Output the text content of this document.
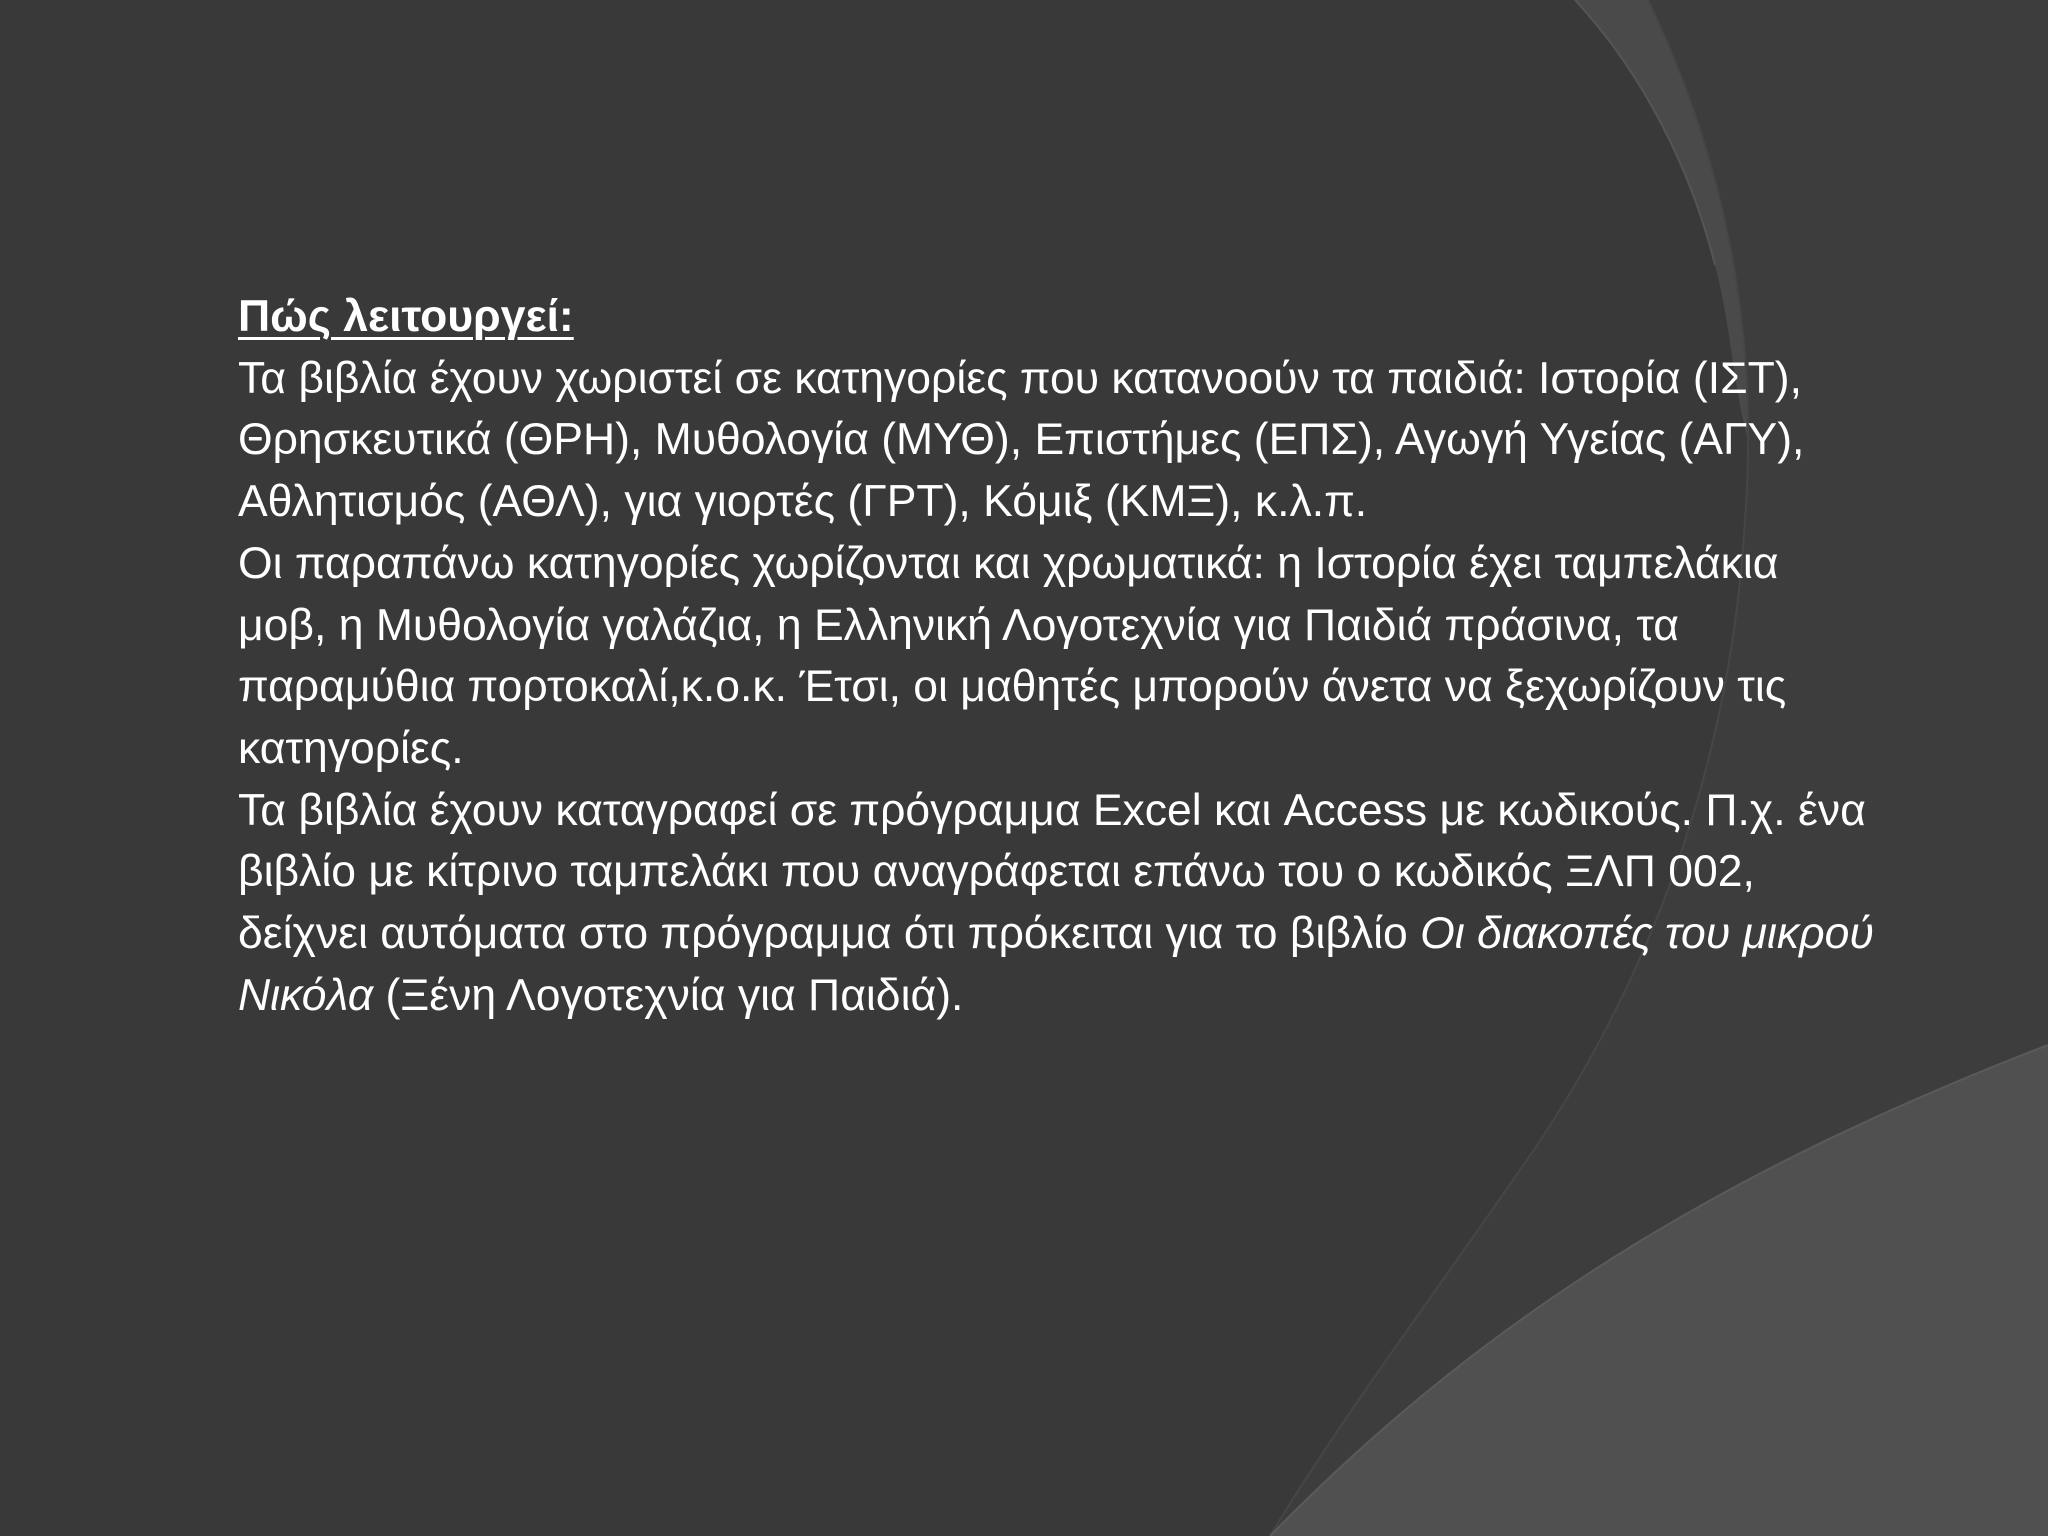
Πώς λειτουργεί:

Τα βιβλία έχουν χωριστεί σε κατηγορίες που κατανοούν τα παιδιά: Ιστορία (ΙΣΤ), Θρησκευτικά (ΘΡΗ), Μυθολογία (ΜΥΘ), Επιστήμες (ΕΠΣ), Αγωγή Υγείας (ΑΓΥ), Αθλητισμός (ΑΘΛ), για γιορτές (ΓΡΤ), Κόμιξ (ΚΜΞ), κ.λ.π.

Οι παραπάνω κατηγορίες χωρίζονται και χρωματικά: η Ιστορία έχει ταμπελάκια μοβ, η Μυθολογία γαλάζια, η Ελληνική Λογοτεχνία για Παιδιά πράσινα, τα παραμύθια πορτοκαλί,κ.ο.κ. Έτσι, οι μαθητές μπορούν άνετα να ξεχωρίζουν τις κατηγορίες.

Τα βιβλία έχουν καταγραφεί σε πρόγραμμα Excel και Access με κωδικούς. Π.χ. ένα βιβλίο με κίτρινο ταμπελάκι που αναγράφεται επάνω του ο κωδικός ΞΛΠ 002, δείχνει αυτόματα στο πρόγραμμα ότι πρόκειται για το βιβλίο Οι διακοπές του μικρού Νικόλα (Ξένη Λογοτεχνία για Παιδιά).
